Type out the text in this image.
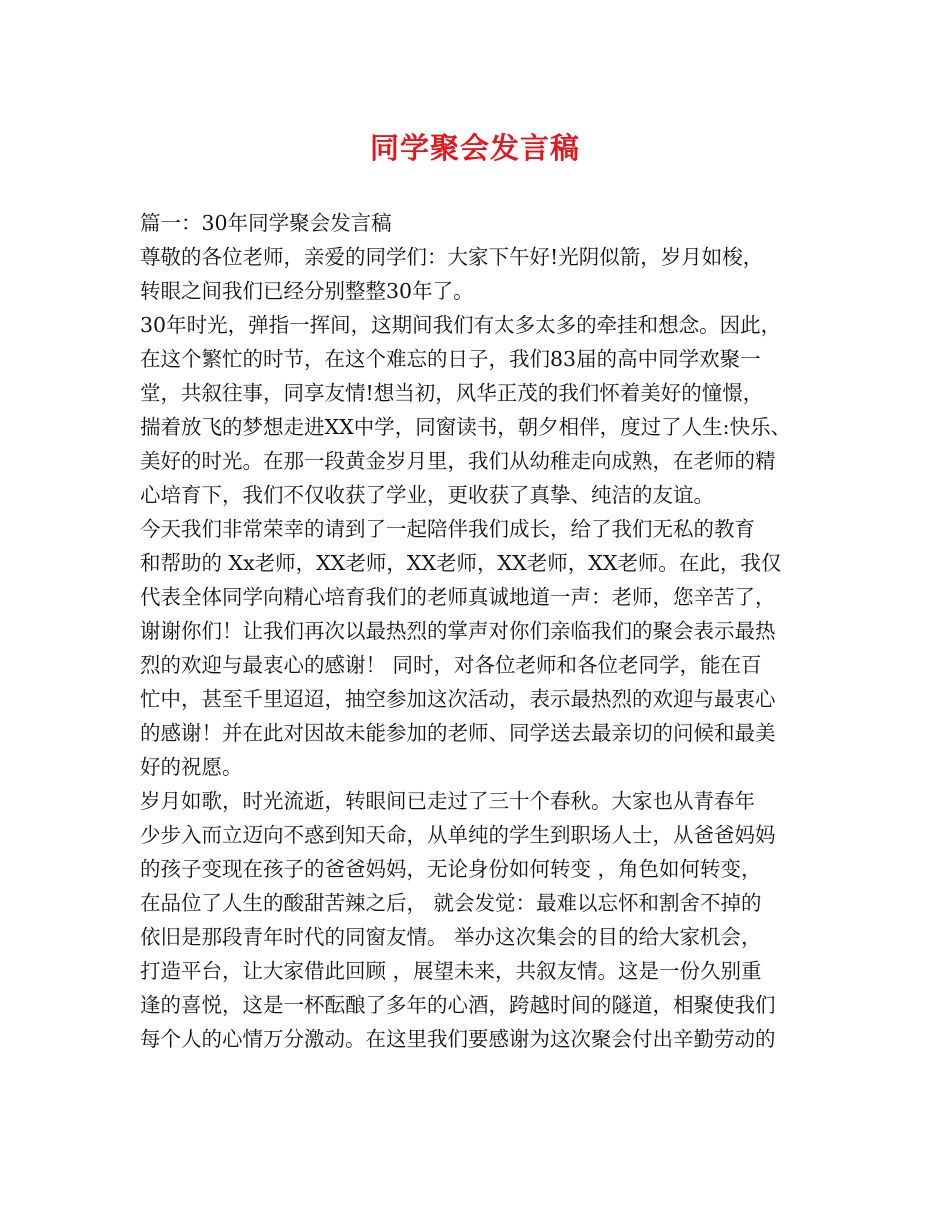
同学聚会发言稿
篇一：30年同学聚会发言稿
尊敬的各位老师，亲爱的同学们：大家下午好!光阴似箭，岁月如梭，
转眼之间我们已经分别整整30年了。
30年时光，弹指一挥间，这期间我们有太多太多的牵挂和想念。因此，
在这个繁忙的时节，在这个难忘的日子，我们83届的高中同学欢聚一
堂，共叙往事，同享友情!想当初，风华正茂的我们怀着美好的憧憬，
揣着放飞的梦想走进XX中学，同窗读书，朝夕相伴，度过了人生:快乐、
美好的时光。在那一段黄金岁月里，我们从幼稚走向成熟，在老师的精
心培育下，我们不仅收获了学业，更收获了真挚、纯洁的友谊。
今天我们非常荣幸的请到了一起陪伴我们成长，给了我们无私的教育
和帮助的 Xx老师，XX老师，XX老师，XX老师，XX老师。在此，我仅
代表全体同学向精心培育我们的老师真诚地道一声：老师，您辛苦了，
谢谢你们！让我们再次以最热烈的掌声对你们亲临我们的聚会表示最热
烈的欢迎与最衷心的感谢！ 同时，对各位老师和各位老同学，能在百
忙中，甚至千里迢迢，抽空参加这次活动，表示最热烈的欢迎与最衷心
的感谢！并在此对因故未能参加的老师、同学送去最亲切的问候和最美
好的祝愿。
岁月如歌，时光流逝，转眼间已走过了三十个春秋。大家也从青春年
少步入而立迈向不惑到知天命，从单纯的学生到职场人士，从爸爸妈妈
的孩子变现在孩子的爸爸妈妈，无论身份如何转变 ，角色如何转变，
在品位了人生的酸甜苦辣之后， 就会发觉：最难以忘怀和割舍不掉的
依旧是那段青年时代的同窗友情。 举办这次集会的目的给大家机会，
打造平台，让大家借此回顾 ，展望未来，共叙友情。这是一份久别重
逢的喜悦，这是一杯酝酿了多年的心酒，跨越时间的隧道，相聚使我们
每个人的心情万分激动。在这里我们要感谢为这次聚会付出辛勤劳动的
